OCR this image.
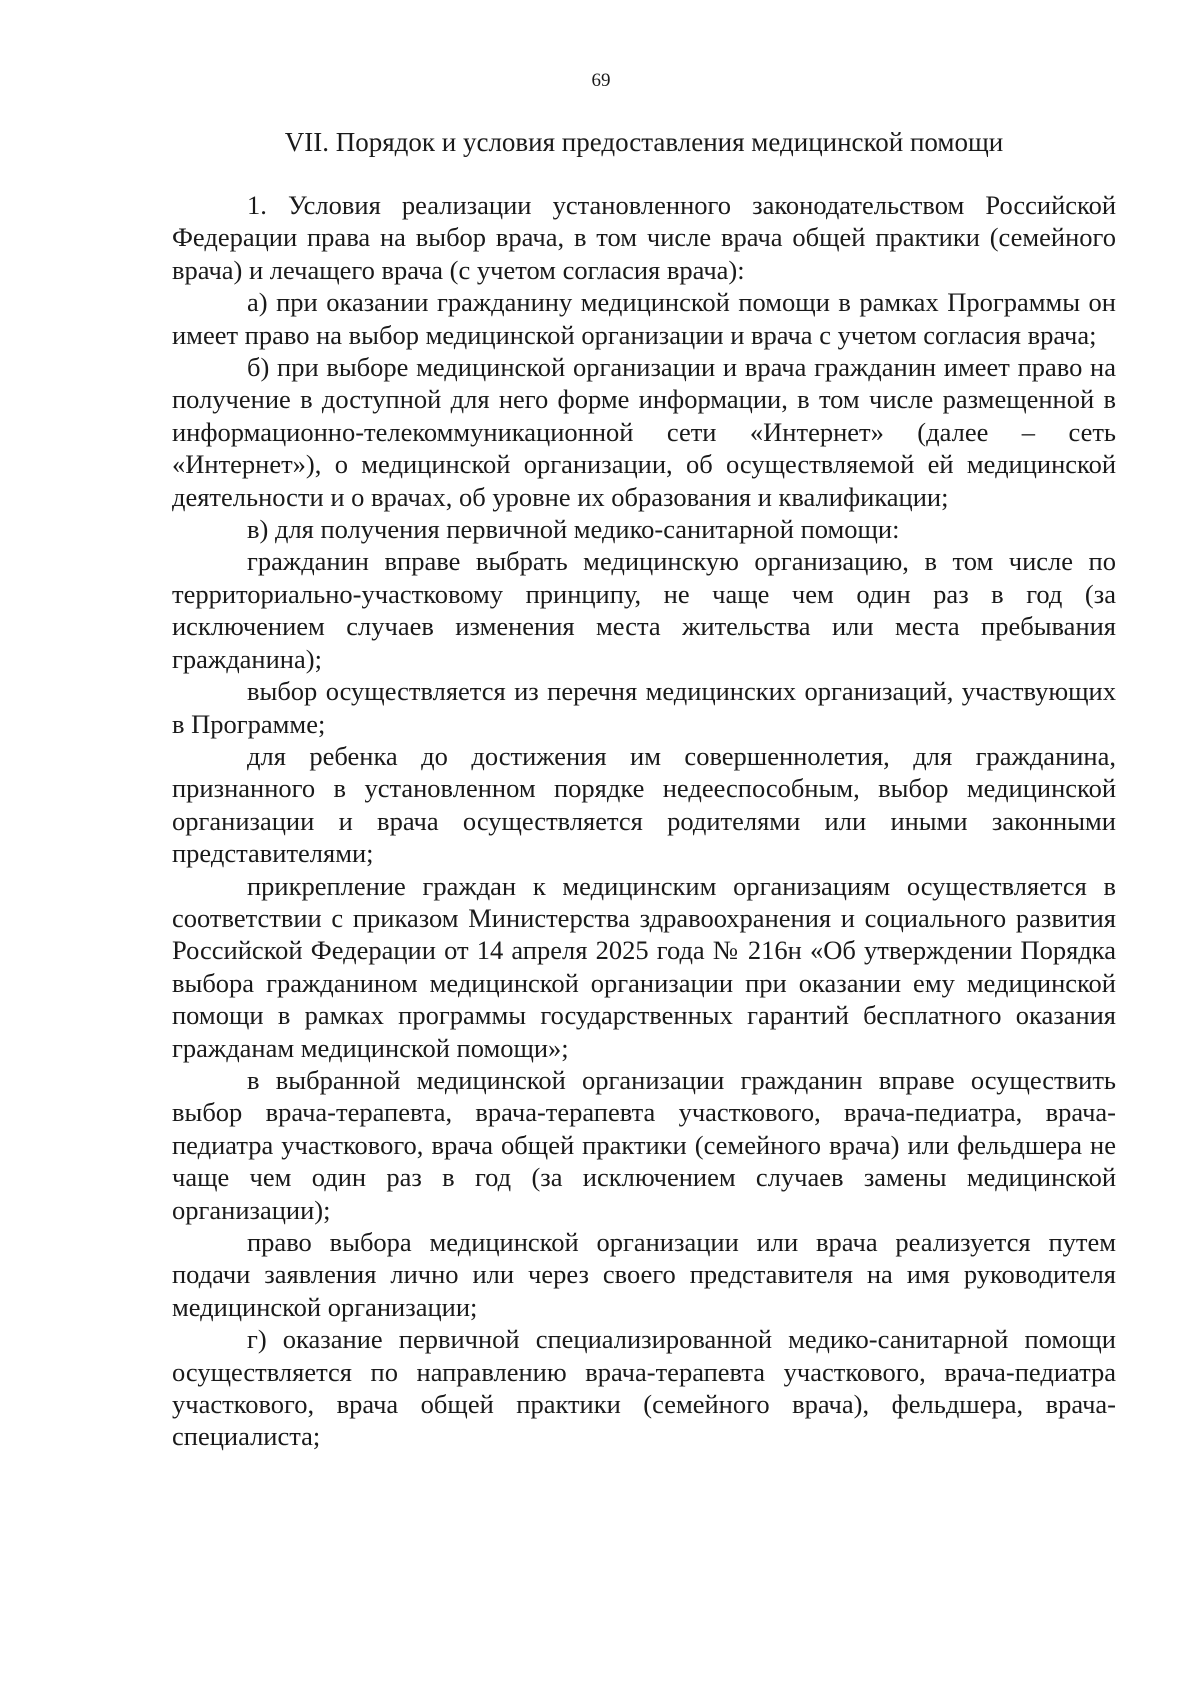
69
VII. Порядок и условия предоставления медицинской помощи

1. Условия реализации установленного законодательством Российской Федерации права на выбор врача, в том числе врача общей практики (семейного врача) и лечащего врача (с учетом согласия врача):

а) при оказании гражданину медицинской помощи в рамках Программы он имеет право на выбор медицинской организации и врача с учетом согласия врача;

б) при выборе медицинской организации и врача гражданин имеет право на получение в доступной для него форме информации, в том числе размещенной в информационно-телекоммуникационной сети «Интернет» (далее – сеть «Интернет»), о медицинской организации, об осуществляемой ей медицинской деятельности и о врачах, об уровне их образования и квалификации;

в) для получения первичной медико-санитарной помощи:

гражданин вправе выбрать медицинскую организацию, в том числе по территориально-участковому принципу, не чаще чем один раз в год (за исключением случаев изменения места жительства или места пребывания гражданина);

выбор осуществляется из перечня медицинских организаций, участвующих в Программе;

для ребенка до достижения им совершеннолетия, для гражданина, признанного в установленном порядке недееспособным, выбор медицинской организации и врача осуществляется родителями или иными законными представителями;

прикрепление граждан к медицинским организациям осуществляется в соответствии с приказом Министерства здравоохранения и социального развития Российской Федерации от 14 апреля 2025 года № 216н «Об утверждении Порядка выбора гражданином медицинской организации при оказании ему медицинской помощи в рамках программы государственных гарантий бесплатного оказания гражданам медицинской помощи»;

в выбранной медицинской организации гражданин вправе осуществить выбор врача-терапевта, врача-терапевта участкового, врача-педиатра, врача-педиатра участкового, врача общей практики (семейного врача) или фельдшера не чаще чем один раз в год (за исключением случаев замены медицинской организации);

право выбора медицинской организации или врача реализуется путем подачи заявления лично или через своего представителя на имя руководителя медицинской организации;

г) оказание первичной специализированной медико-санитарной помощи осуществляется по направлению врача-терапевта участкового, врача-педиатра участкового, врача общей практики (семейного врача), фельдшера, врача-специалиста;
